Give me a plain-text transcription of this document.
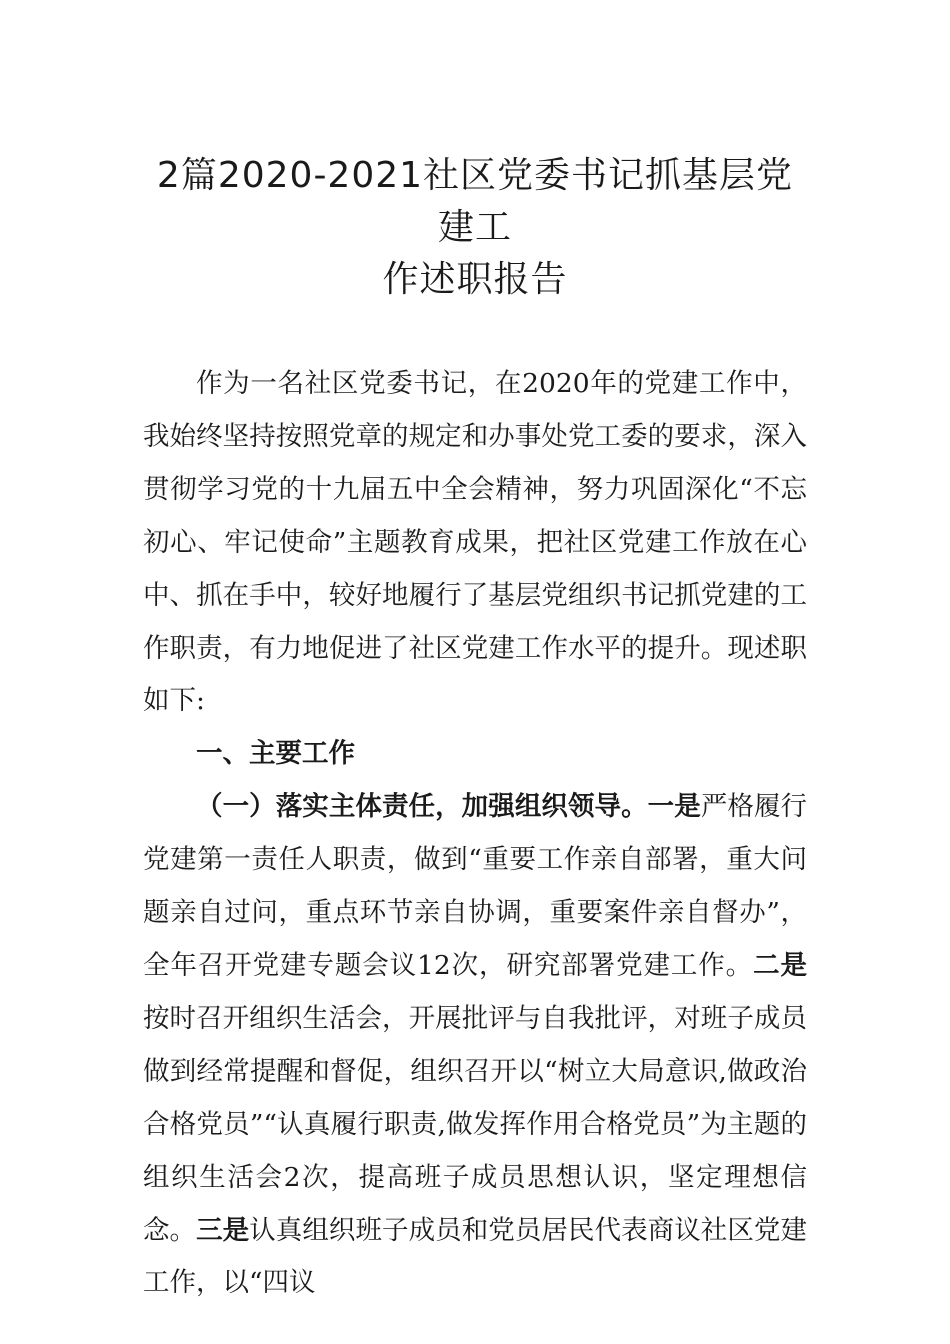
2篇2020-2021社区党委书记抓基层党建工
作述职报告

作为一名社区党委书记，在2020年的党建工作中，我始终坚持按照党章的规定和办事处党工委的要求，深入贯彻学习党的十九届五中全会精神，努力巩固深化“不忘初心、牢记使命”主题教育成果，把社区党建工作放在心中、抓在手中，较好地履行了基层党组织书记抓党建的工作职责，有力地促进了社区党建工作水平的提升。现述职如下:

一、主要工作

（一）落实主体责任，加强组织领导。一是严格履行党建第一责任人职责，做到“重要工作亲自部署，重大问题亲自过问，重点环节亲自协调，重要案件亲自督办”，全年召开党建专题会议12次，研究部署党建工作。二是按时召开组织生活会，开展批评与自我批评，对班子成员做到经常提醒和督促，组织召开以“树立大局意识,做政治合格党员”“认真履行职责,做发挥作用合格党员”为主题的组织生活会2次，提高班子成员思想认识，坚定理想信念。三是认真组织班子成员和党员居民代表商议社区党建工作，以“四议
